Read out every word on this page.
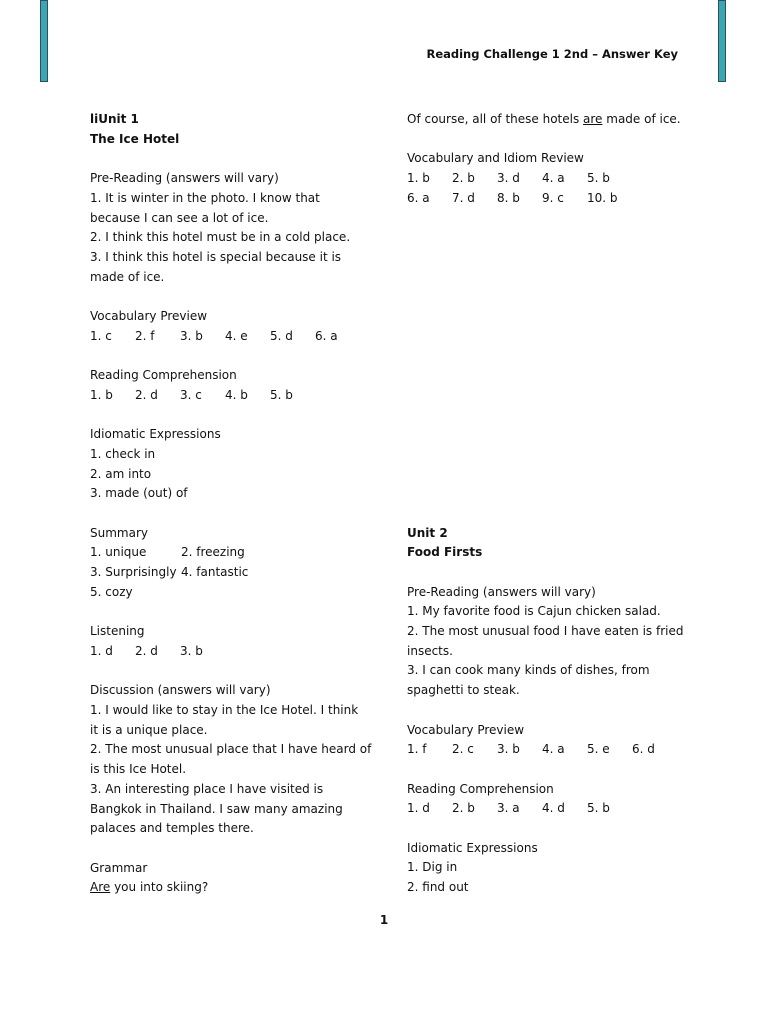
Reading Challenge 1 2nd – Answer Key
liUnit 1
The Ice Hotel
Pre-Reading (answers will vary)
1. It is winter in the photo. I know that
because I can see a lot of ice.
2. I think this hotel must be in a cold place.
3. I think this hotel is special because it is
made of ice.
Vocabulary Preview
1. c	2. f	3. b	4. e	5. d	6. a
Reading Comprehension
1. b	2. d	3. c	4. b	5. b
Idiomatic Expressions
1. check in
2. am into
3. made (out) of
Summary
1. unique	2. freezing
3. Surprisingly 4. fantastic
5. cozy
Listening
1. d	2. d	3. b
Discussion (answers will vary)
1. I would like to stay in the Ice Hotel. I think
it is a unique place.
2. The most unusual place that I have heard of
is this Ice Hotel.
3. An interesting place I have visited is
Bangkok in Thailand. I saw many amazing
palaces and temples there.
Grammar
Are you into skiing?
Of course, all of these hotels are made of ice.
Vocabulary and Idiom Review
1. b	2. b	3. d	4. a	5. b
6. a	7. d	8. b	9. c	10. b
Unit 2
Food Firsts
Pre-Reading (answers will vary)
1. My favorite food is Cajun chicken salad.
2. The most unusual food I have eaten is fried
insects.
3. I can cook many kinds of dishes, from
spaghetti to steak.
Vocabulary Preview
1. f	2. c	3. b	4. a	5. e	6. d
Reading Comprehension
1. d	2. b	3. a	4. d	5. b
Idiomatic Expressions
1. Dig in
2. find out
1
